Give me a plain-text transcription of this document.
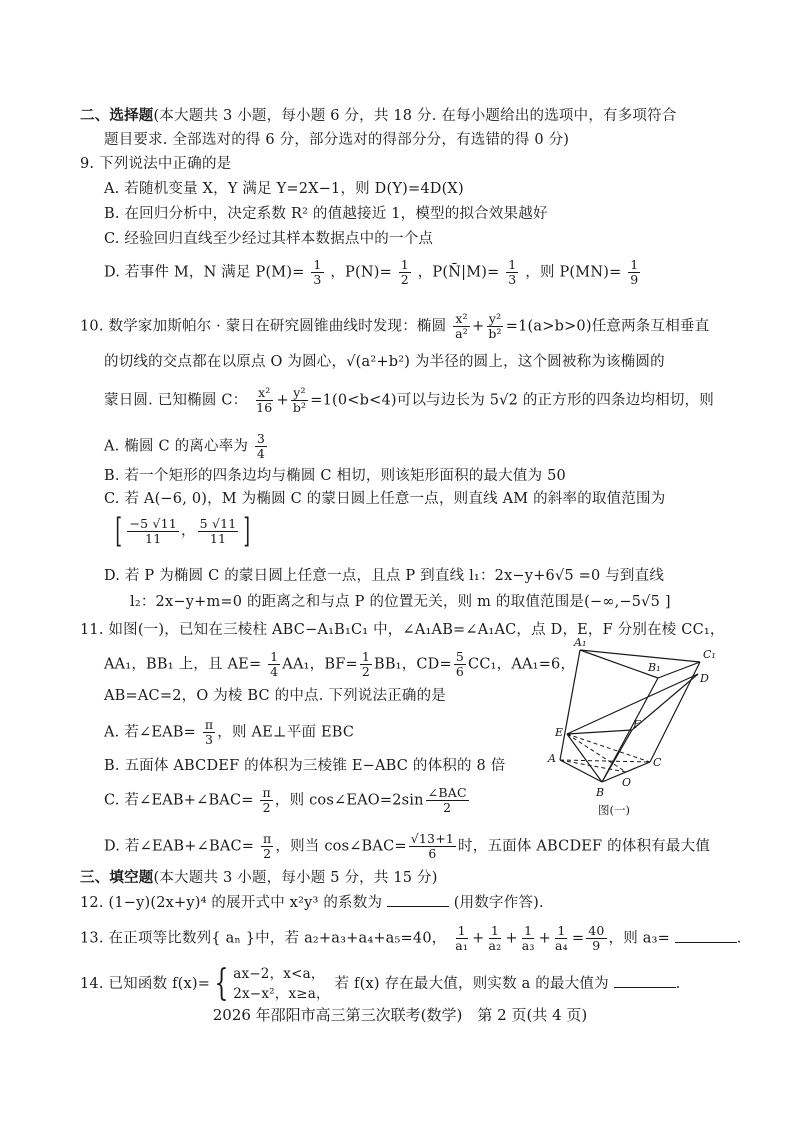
二、选择题(本大题共 3 小题，每小题 6 分，共 18 分. 在每小题给出的选项中，有多项符合
题目要求. 全部选对的得 6 分，部分选对的得部分分，有选错的得 0 分)
9. 下列说法中正确的是
A. 若随机变量 X，Y 满足 Y=2X−1，则 D(Y)=4D(X)
B. 在回归分析中，决定系数 R² 的值越接近 1，模型的拟合效果越好
C. 经验回归直线至少经过其样本数据点中的一个点
D. 若事件 M，N 满足 $P(M)= \frac{1}{3}$ ，$P(N)= \frac{1}{2}$ ，P(N̄|M)= $\frac{1}{3}$ ，则 $P(MN)= \frac{1}{9}$
10. 数学家加斯帕尔 · 蒙日在研究圆锥曲线时发现：椭圆 $\frac{\text{x²}}{\text{a²}} + \frac{\text{y²}}{\text{b²}} =1(a>b>0)$任意两条互相垂直
的切线的交点都在以原点 O 为圆心，√(a²+b²) 为半径的圆上，这个圆被称为该椭圆的
蒙日圆. 已知椭圆 C： $\frac{\text{x²}}{16} + \frac{\text{y²}}{\text{b²}} =1(0<b<4)$可以与边长为 5√2 的正方形的四条边均相切，则
A. 椭圆 C 的离心率为 $\frac{3}{4}$
B. 若一个矩形的四条边均与椭圆 C 相切，则该矩形面积的最大值为 50
C. 若 A(−6, 0)，M 为椭圆 C 的蒙日圆上任意一点，则直线 AM 的斜率的取值范围为
[ $\frac{-5 √11}{11}$ ， $\frac{5 √11}{11}$ ]
D. 若 P 为椭圆 C 的蒙日圆上任意一点，且点 P 到直线 l₁：2x−y+6√5 =0 与到直线
l₂：2x−y+m=0 的距离之和与点 P 的位置无关，则 m 的取值范围是(−∞,−5√5 ]
11. 如图(一)，已知在三棱柱 ABC−A₁B₁C₁ 中，∠A₁AB=∠A₁AC，点 D，E，F 分别在棱 CC₁，
AA₁，BB₁ 上，且 $AE= \frac{1}{4} AA_1$，$BF= \frac{1}{2} BB_1$，$CD= \frac{5}{6} CC_1$，AA₁=6，
AB=AC=2，O 为棱 BC 的中点. 下列说法正确的是
A. 若∠EAB= $\frac{\pi}{3}$ ，则 AE⊥平面 EBC
B. 五面体 ABCDEF 的体积为三棱锥 E−ABC 的体积的 8 倍
C. 若∠EAB+∠BAC= $\frac{\pi}{2}$ ，则 cos∠EAO=2sin $\frac{\text{∠BAC}}{2}$
D. 若∠EAB+∠BAC= $\frac{\pi}{2}$ ，则当 cos∠BAC= $\frac{√13+1}{6}$ 时，五面体 ABCDEF 的体积有最大值
A₁
B₁
C₁
D
E
F
A
B
C
O
图(一)
三、填空题(本大题共 3 小题，每小题 5 分，共 15 分)
12. (1−y)(2x+y)⁴ 的展开式中 x²y³ 的系数为	(用数字作答).
13. 在正项等比数列{ aₙ }中，若 a₂+a₃+a₄+a₅=40， $\frac{1}{\text{a₁}} + \frac{1}{\text{a₂}} + \frac{1}{\text{a₃}} + \frac{1}{\text{a₄}} = \frac{40}{9}$ ，则 a₃=	.
14. 已知函数 f(x)= { ax−2，x<a，
2x−x²，x≥a，
若 f(x) 存在最大值，则实数 a 的最大值为	.
2026 年邵阳市高三第三次联考(数学)　第 2 页(共 4 页)
